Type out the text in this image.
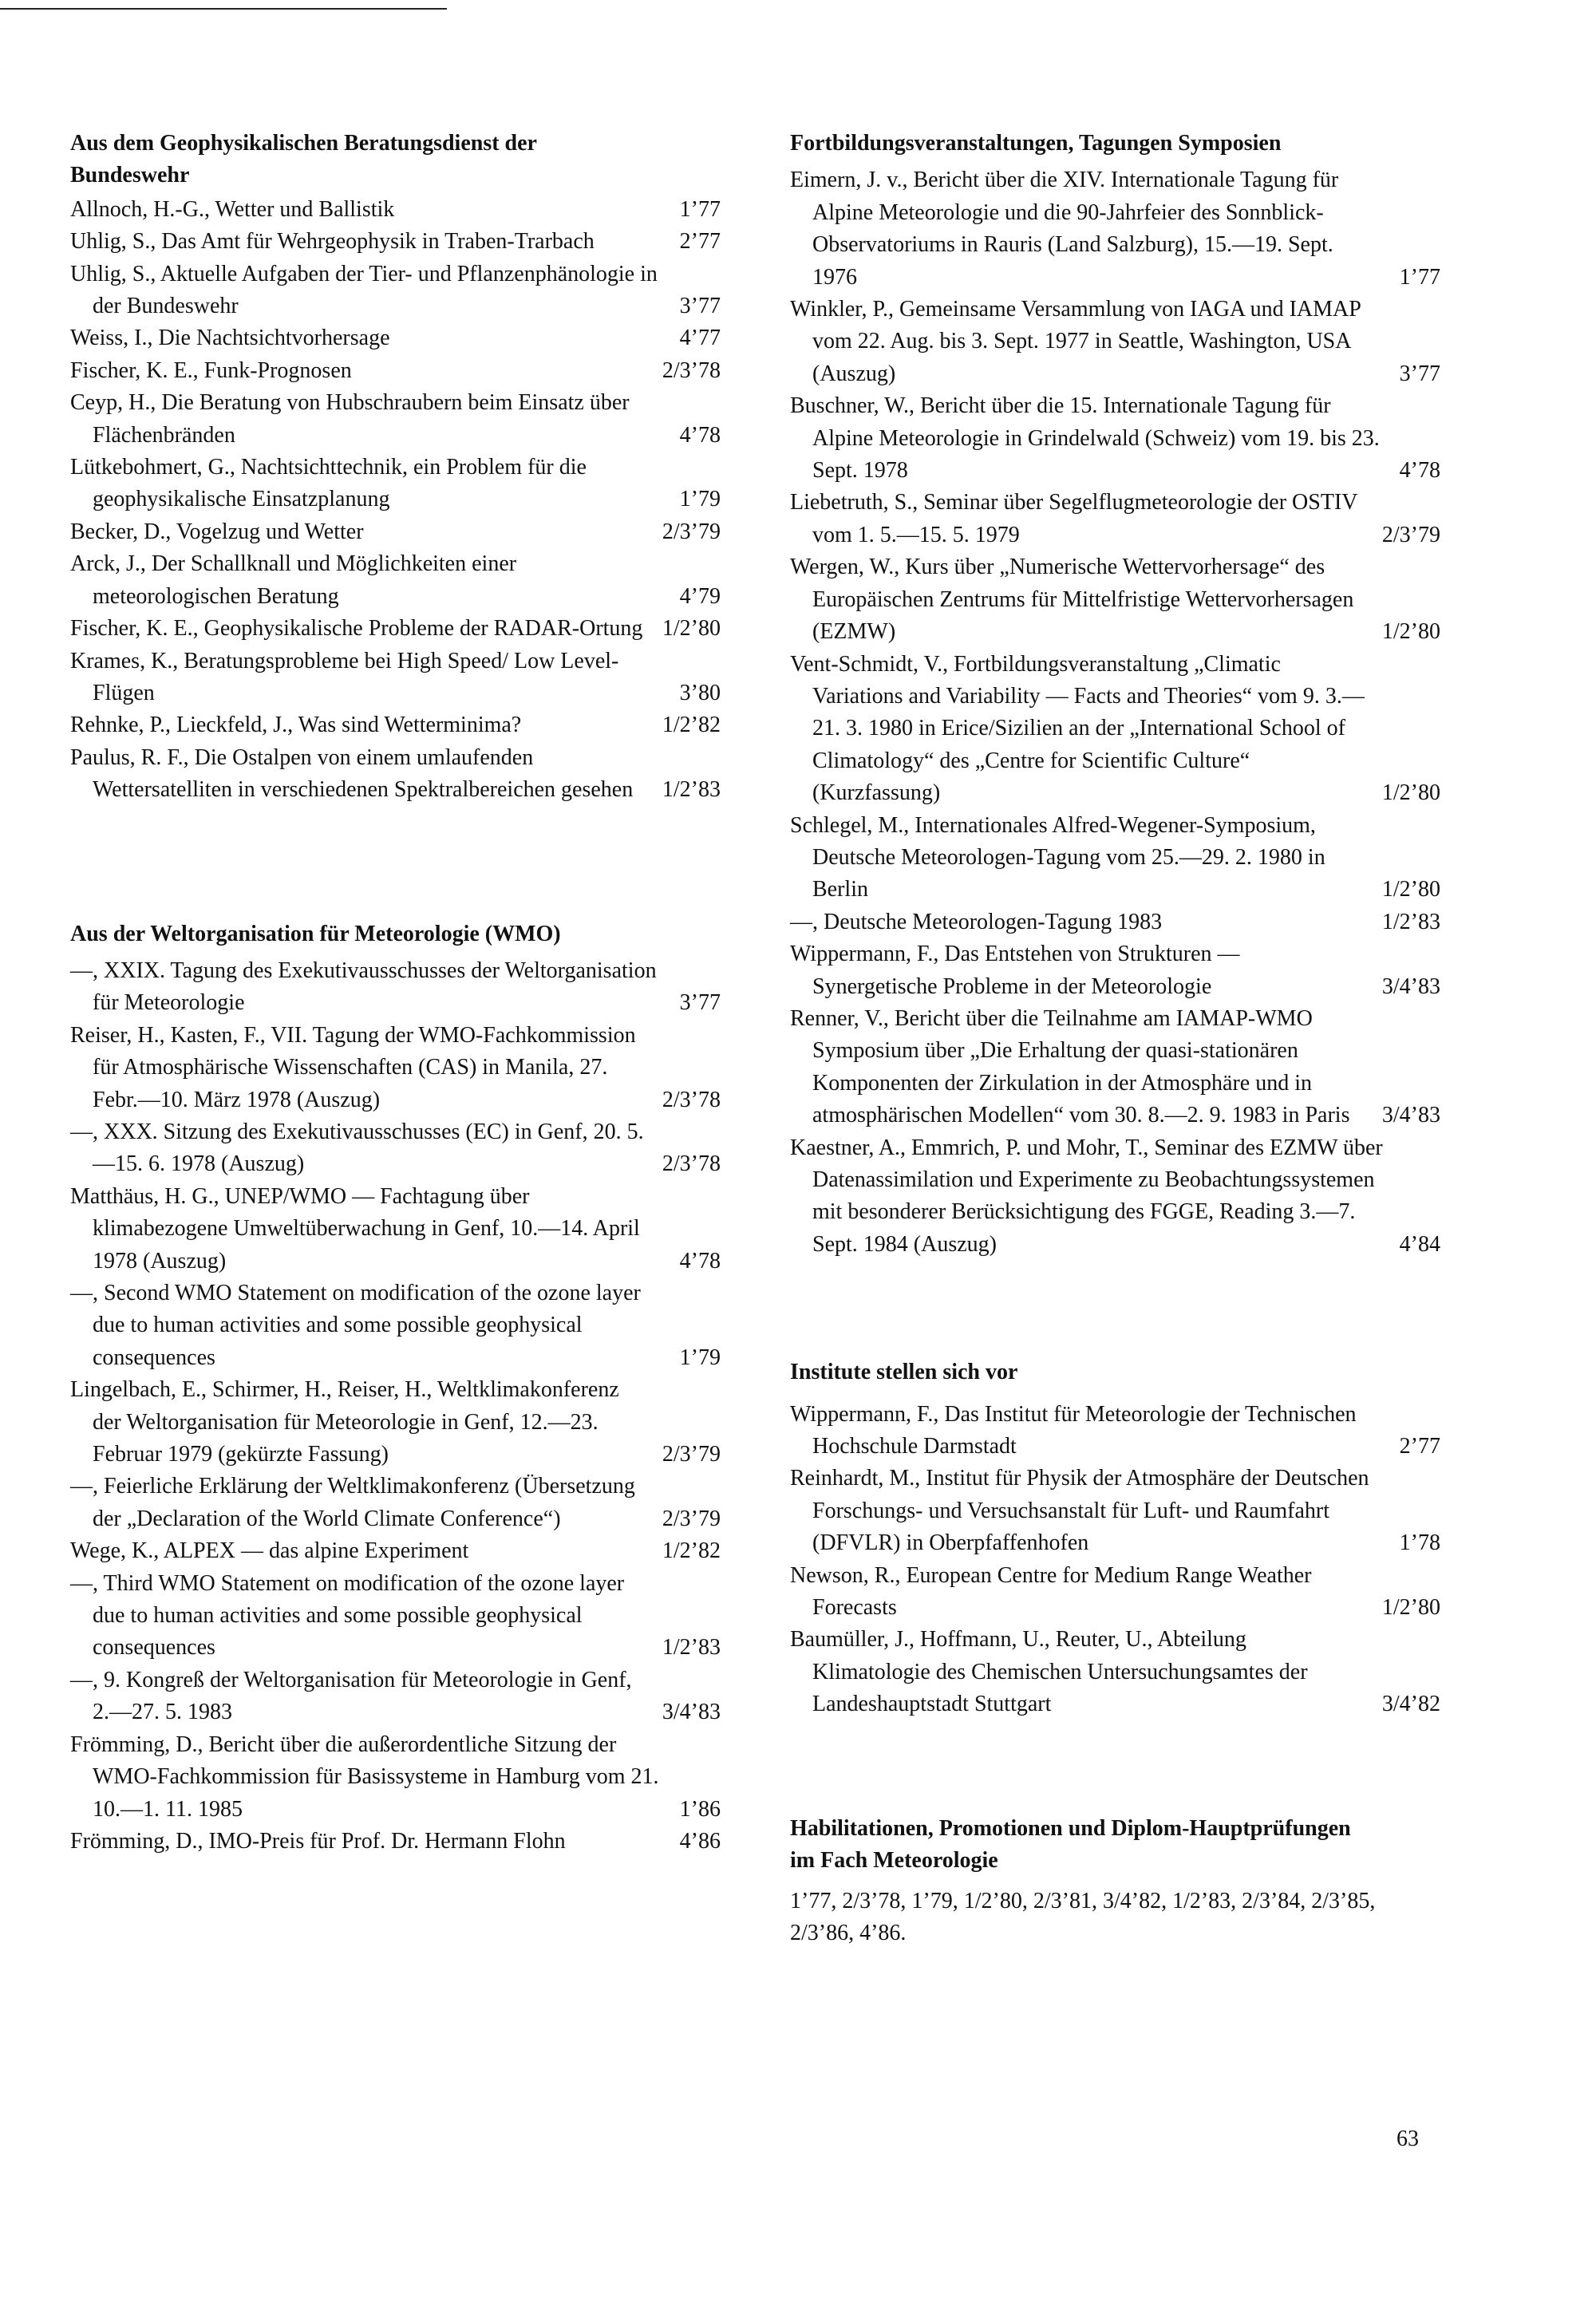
Aus dem Geophysikalischen Beratungsdienst der Bundeswehr

Allnoch, H.-G., Wetter und Ballistik	1’77
Uhlig, S., Das Amt für Wehrgeophysik in Traben-Trarbach	2’77
Uhlig, S., Aktuelle Aufgaben der Tier- und Pflanzenphänologie in der Bundeswehr	3’77
Weiss, I., Die Nachtsichtvorhersage	4’77
Fischer, K. E., Funk-Prognosen	2/3’78
Ceyp, H., Die Beratung von Hubschraubern beim Einsatz über Flächenbränden	4’78
Lütkebohmert, G., Nachtsichttechnik, ein Problem für die geophysikalische Einsatzplanung	1’79
Becker, D., Vogelzug und Wetter	2/3’79
Arck, J., Der Schallknall und Möglichkeiten einer meteorologischen Beratung	4’79
Fischer, K. E., Geophysikalische Probleme der RADAR-Ortung 1/2’80
Krames, K., Beratungsprobleme bei High Speed/ Low Level-Flügen	3’80
Rehnke, P., Lieckfeld, J., Was sind Wetterminima?	1/2’82
Paulus, R. F., Die Ostalpen von einem umlaufenden Wettersatelliten in verschiedenen Spektralbereichen gesehen	1/2’83

Aus der Weltorganisation für Meteorologie (WMO)

—, XXIX. Tagung des Exekutivausschusses der Weltorganisation für Meteorologie	3’77
Reiser, H., Kasten, F., VII. Tagung der WMO-Fachkommission für Atmosphärische Wissenschaften (CAS) in Manila, 27. Febr.—10. März 1978 (Auszug)	2/3’78
—, XXX. Sitzung des Exekutivausschusses (EC) in Genf, 20. 5.—15. 6. 1978 (Auszug)	2/3’78
Matthäus, H. G., UNEP/WMO — Fachtagung über klimabezogene Umweltüberwachung in Genf, 10.—14. April 1978 (Auszug)	4’78
—, Second WMO Statement on modification of the ozone layer due to human activities and some possible geophysical consequences	1’79
Lingelbach, E., Schirmer, H., Reiser, H., Weltklimakonferenz der Weltorganisation für Meteorologie in Genf, 12.—23. Februar 1979 (gekürzte Fassung)	2/3’79
—, Feierliche Erklärung der Weltklimakonferenz (Übersetzung der „Declaration of the World Climate Conference“)	2/3’79
Wege, K., ALPEX — das alpine Experiment	1/2’82
—, Third WMO Statement on modification of the ozone layer due to human activities and some possible geophysical consequences	1/2’83
—, 9. Kongreß der Weltorganisation für Meteorologie in Genf, 2.—27. 5. 1983	3/4’83
Frömming, D., Bericht über die außerordentliche Sitzung der WMO-Fachkommission für Basissysteme in Hamburg vom 21. 10.—1. 11. 1985	1’86
Frömming, D., IMO-Preis für Prof. Dr. Hermann Flohn	4’86

Fortbildungsveranstaltungen, Tagungen Symposien

Eimern, J. v., Bericht über die XIV. Internationale Tagung für Alpine Meteorologie und die 90-Jahrfeier des Sonnblick-Observatoriums in Rauris (Land Salzburg), 15.—19. Sept. 1976	1’77
Winkler, P., Gemeinsame Versammlung von IAGA und IAMAP vom 22. Aug. bis 3. Sept. 1977 in Seattle, Washington, USA (Auszug)	3’77
Buschner, W., Bericht über die 15. Internationale Tagung für Alpine Meteorologie in Grindelwald (Schweiz) vom 19. bis 23. Sept. 1978	4’78
Liebetruth, S., Seminar über Segelflugmeteorologie der OSTIV vom 1. 5.—15. 5. 1979	2/3’79
Wergen, W., Kurs über „Numerische Wettervorhersage“ des Europäischen Zentrums für Mittelfristige Wettervorhersagen (EZMW)	1/2’80
Vent-Schmidt, V., Fortbildungsveranstaltung „Climatic Variations and Variability — Facts and Theories“ vom 9. 3.—21. 3. 1980 in Erice/Sizilien an der „International School of Climatology“ des „Centre for Scientific Culture“ (Kurzfassung)	1/2’80
Schlegel, M., Internationales Alfred-Wegener-Symposium, Deutsche Meteorologen-Tagung vom 25.—29. 2. 1980 in Berlin	1/2’80
—, Deutsche Meteorologen-Tagung 1983	1/2’83
Wippermann, F., Das Entstehen von Strukturen — Synergetische Probleme in der Meteorologie	3/4’83
Renner, V., Bericht über die Teilnahme am IAMAP-WMO Symposium über „Die Erhaltung der quasi-stationären Komponenten der Zirkulation in der Atmosphäre und in atmosphärischen Modellen“ vom 30. 8.—2. 9. 1983 in Paris	3/4’83
Kaestner, A., Emmrich, P. und Mohr, T., Seminar des EZMW über Datenassimilation und Experimente zu Beobachtungssystemen mit besonderer Berücksichtigung des FGGE, Reading 3.—7. Sept. 1984 (Auszug)	4’84

Institute stellen sich vor

Wippermann, F., Das Institut für Meteorologie der Technischen Hochschule Darmstadt	2’77
Reinhardt, M., Institut für Physik der Atmosphäre der Deutschen Forschungs- und Versuchsanstalt für Luft- und Raumfahrt (DFVLR) in Oberpfaffenhofen	1’78
Newson, R., European Centre for Medium Range Weather Forecasts	1/2’80
Baumüller, J., Hoffmann, U., Reuter, U., Abteilung Klimatologie des Chemischen Untersuchungsamtes der Landeshauptstadt Stuttgart	3/4’82

Habilitationen, Promotionen und Diplom-Hauptprüfungen im Fach Meteorologie

1’77, 2/3’78, 1’79, 1/2’80, 2/3’81, 3/4’82, 1/2’83, 2/3’84, 2/3’85, 2/3’86, 4’86.

63
